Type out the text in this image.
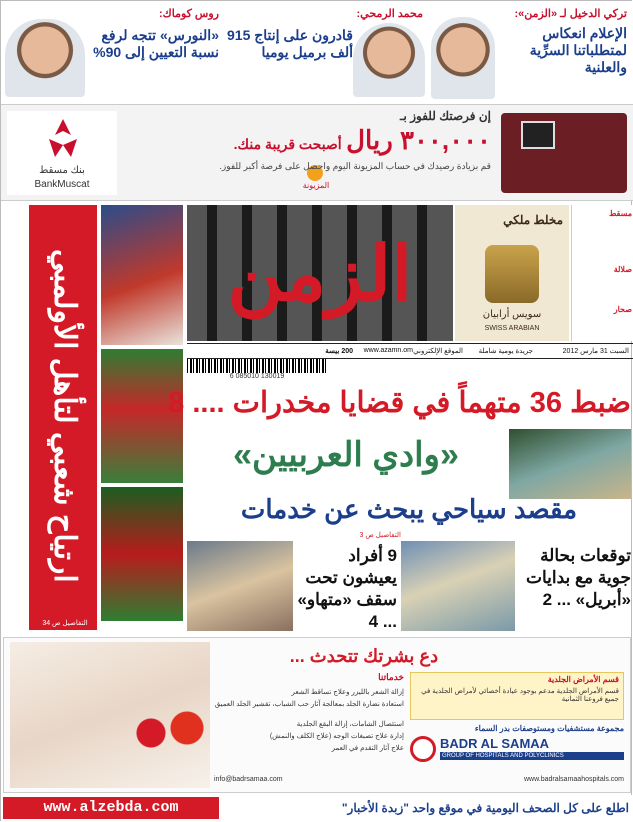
تركي الدخيل لـ «الزمن»:
الإعلام انعكاس لمتطلباتنا السرِّية والعلنية
محمد الرمحي:
قادرون على إنتاج 915 ألف برميل يوميا
روس كوماك:
«النورس» تتجه لرفع نسبة التعيين إلى 90%
بنك مسقط
BankMuscat	المزيونة
إن فرصتك للفوز بـ
٣٠٠,٠٠٠ ريال أصبحت قريبة منك.
قم بزيادة رصيدك في حساب المزيونة اليوم واحصل على فرصة أكبر للفوز.
ارتياح شعبي لتأهل الأولمبي
التفاصيل ص 34
الزمن
السبت 31 مارس 2012
جريدة يومية شاملة
الموقع الإلكتروني
www.azamn.om
200 بيسة
6 085010 130019
مخلط ملكي
سويس أرابيان
SWISS ARABIAN
مسقط
صلالة
صحار
ضبط 36 متهماً في قضايا مخدرات .... 8
«وادي العربيين»
مقصد سياحي يبحث عن خدمات
التفاصيل ص 3
9 أفراد يعيشون تحت سقف «متهاو» ... 4
توقعات بحالة جوية مع بدايات «أبريل» ... 2
دع بشرتك تتحدث ...
خدماتنا
إزالة الشعر بالليزر وعلاج تساقط الشعر
استعادة نضارة الجلد بمعالجة آثار حب الشباب، تقشير الجلد العميق
استئصال الشامات، إزالة البقع الجلدية
إدارة علاج تصبغات الوجه (علاج الكلف والنمش)
علاج آثار التقدم في العمر
قسم الأمراض الجلدية
قسم الأمراض الجلدية مدعم بوجود عيادة أخصائي لأمراض الجلدية في جميع فروعنا الثمانية
مجموعة مستشفيات ومستوصفات بدر السماء
BADR AL SAMAA
GROUP OF HOSPITALS AND POLYCLINICS
info@badrsamaa.com	www.badralsamaahospitals.com
www.alzebda.com	اطلع على كل الصحف اليومية في موقع واحد "زبدة الأخبار"
